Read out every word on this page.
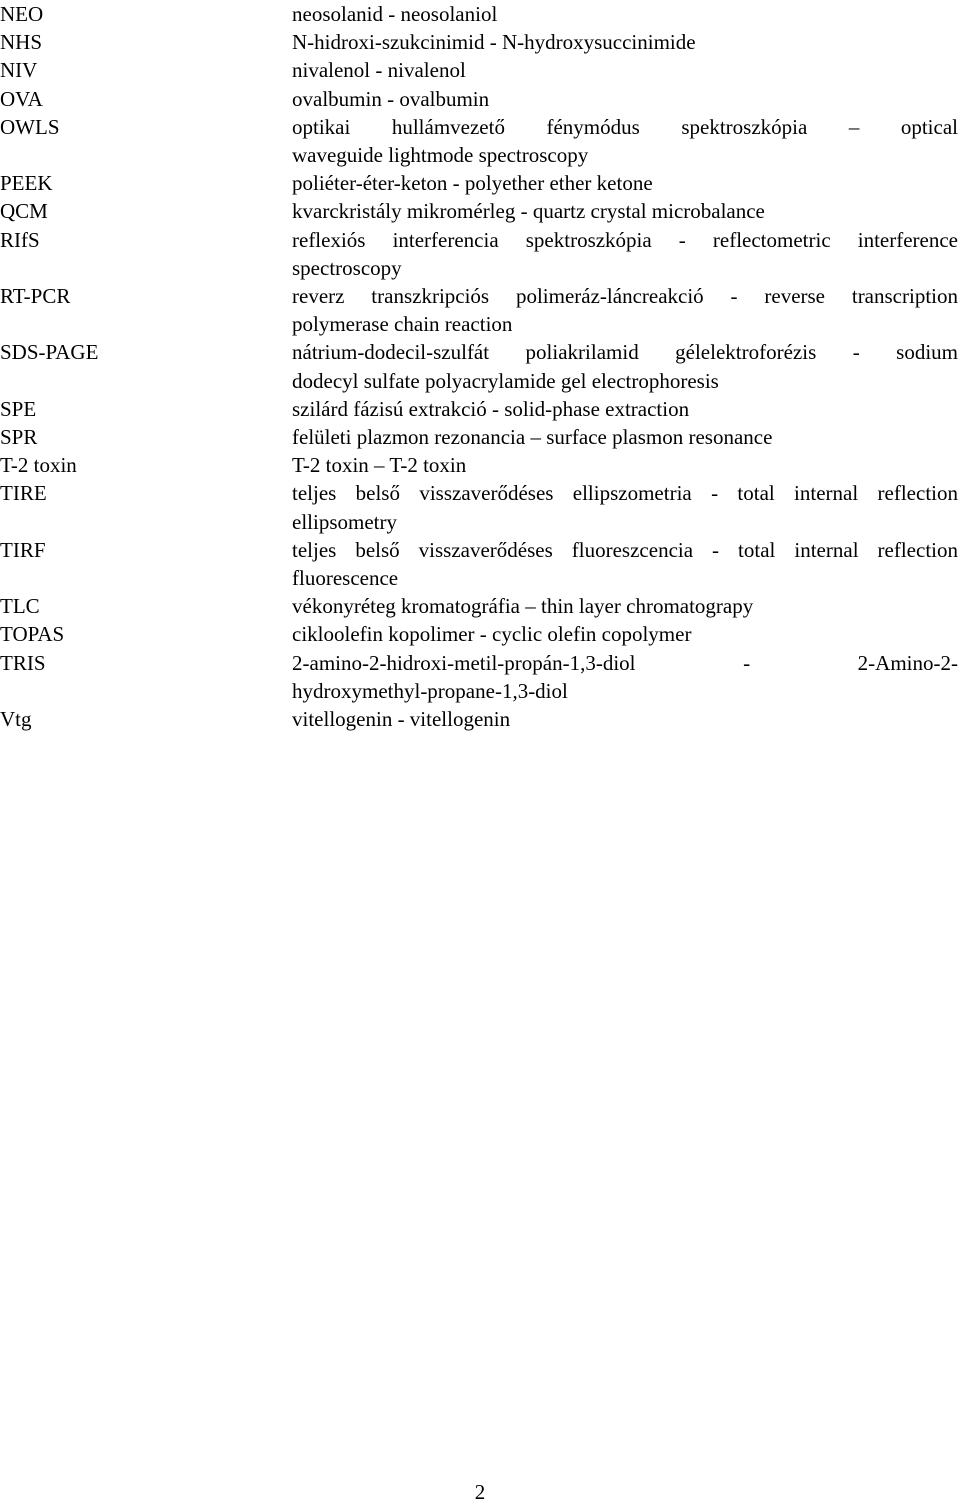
NEO	neosolanid - neosolaniol
NHS	N-hidroxi-szukcinimid - N-hydroxysuccinimide
NIV	nivalenol - nivalenol
OVA	ovalbumin - ovalbumin
OWLS	optikai hullámvezető fénymódus spektroszkópia – optical
waveguide lightmode spectroscopy
PEEK	poliéter-éter-keton - polyether ether ketone
QCM	kvarckristály mikromérleg - quartz crystal microbalance
RIfS	reflexiós interferencia spektroszkópia - reflectometric interference
spectroscopy
RT-PCR	reverz transzkripciós polimeráz-láncreakció - reverse transcription
polymerase chain reaction
SDS-PAGE	nátrium-dodecil-szulfát poliakrilamid gélelektroforézis - sodium
dodecyl sulfate polyacrylamide gel electrophoresis
SPE	szilárd fázisú extrakció - solid-phase extraction
SPR	felületi plazmon rezonancia – surface plasmon resonance
T-2 toxin	T-2 toxin – T-2 toxin
TIRE	teljes belső visszaverődéses ellipszometria - total internal reflection
ellipsometry
TIRF	teljes belső visszaverődéses fluoreszcencia - total internal reflection
fluorescence
TLC	vékonyréteg kromatográfia – thin layer chromatograpy
TOPAS	cikloolefin kopolimer - cyclic olefin copolymer
TRIS	2-amino-2-hidroxi-metil-propán-1,3-diol - 2-Amino-2-
hydroxymethyl-propane-1,3-diol
Vtg	vitellogenin - vitellogenin
2
